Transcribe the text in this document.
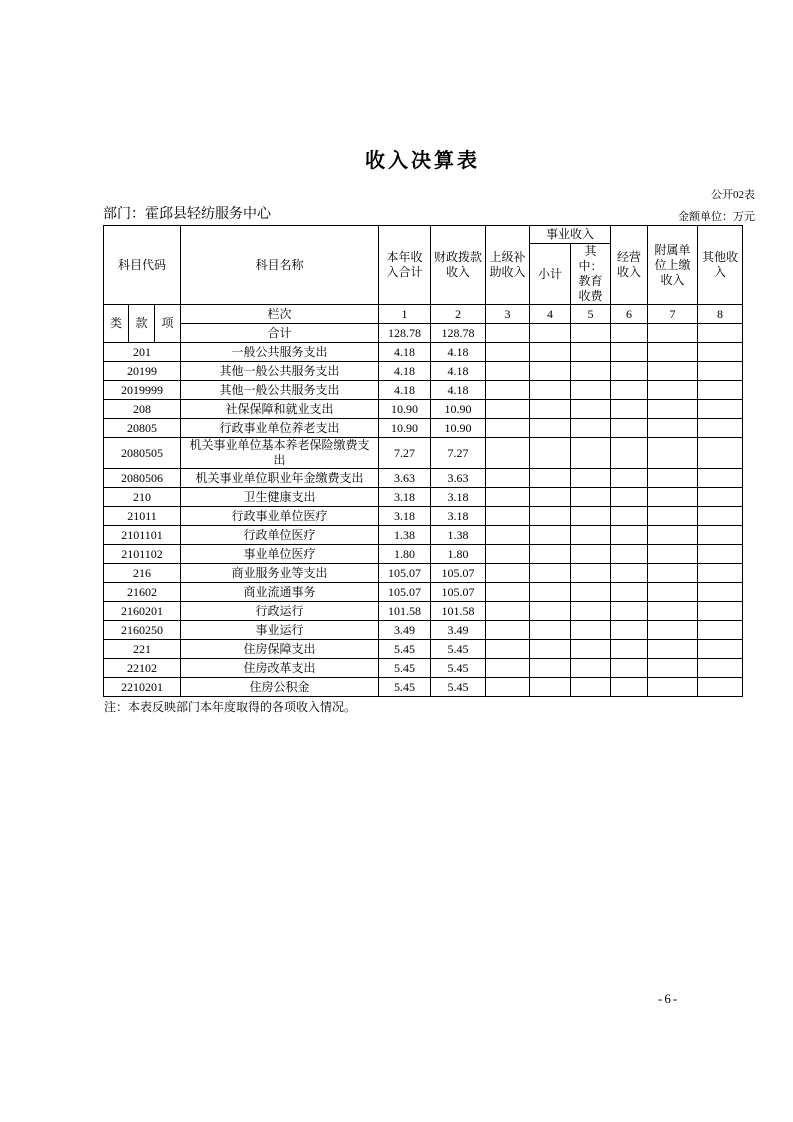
收入决算表
公开02表
部门：霍邱县轻纺服务中心	金额单位：万元
科目代码			科目名称	本年收入合计	财政拨款收入	上级补助收入	事业收入		经营收入	附属单位上缴收入	其他收入
							小计	其中：教育收费			
类	款	项	栏次	1	2	3	4	5	6	7	8
			合计	128.78	128.78						
201			一般公共服务支出	4.18	4.18						
20199			其他一般公共服务支出	4.18	4.18						
2019999			其他一般公共服务支出	4.18	4.18						
208			社保保障和就业支出	10.90	10.90						
20805			行政事业单位养老支出	10.90	10.90						
2080505			机关事业单位基本养老保险缴费支出	7.27	7.27						
2080506			机关事业单位职业年金缴费支出	3.63	3.63						
210			卫生健康支出	3.18	3.18						
21011			行政事业单位医疗	3.18	3.18						
2101101			行政单位医疗	1.38	1.38						
2101102			事业单位医疗	1.80	1.80						
216			商业服务业等支出	105.07	105.07						
21602			商业流通事务	105.07	105.07						
2160201			行政运行	101.58	101.58						
2160250			事业运行	3.49	3.49						
221			住房保障支出	5.45	5.45						
22102			住房改革支出	5.45	5.45						
2210201			住房公积金	5.45	5.45						
注：本表反映部门本年度取得的各项收入情况。
-6-
